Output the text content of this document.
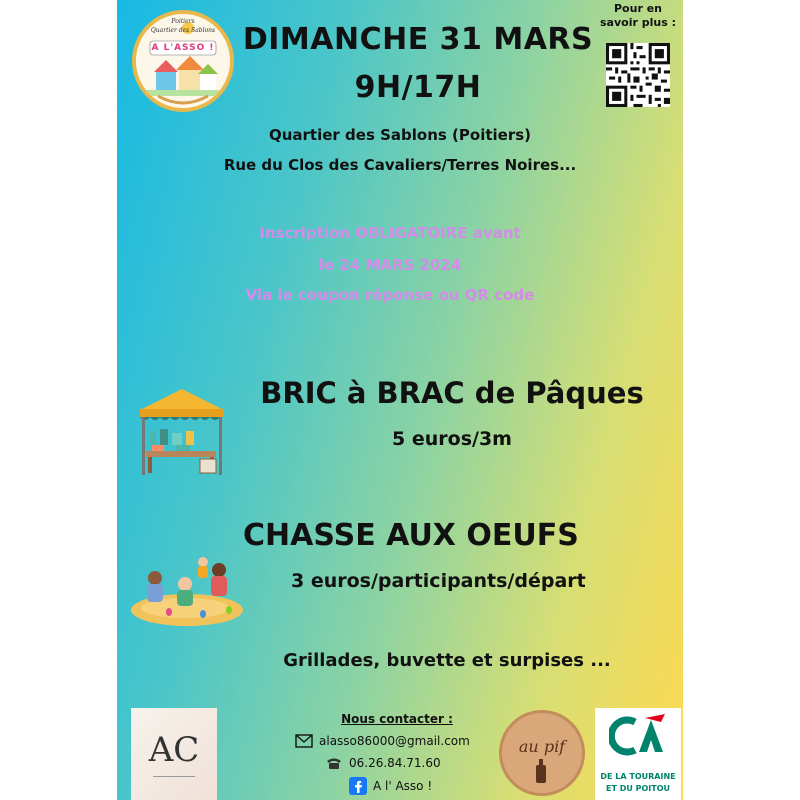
Poitiers
Quartier des Sablons
A L'ASSO ! DIMANCHE 31 MARS
9H/17H
Pour en
savoir plus :
Quartier des Sablons (Poitiers)
Rue du Clos des Cavaliers/Terres Noires...
Inscription OBLIGATOIRE avant
le 24 MARS 2024
Via le coupon réponse ou QR code
BRIC à BRAC de Pâques
5 euros/3m
CHASSE AUX OEUFS
3 euros/participants/départ
Grillades, buvette et surpises ...
AC
Nous contacter :
alasso86000@gmail.com
06.26.84.71.60
A l' Asso !
au pif
DE LA TOURAINE
ET DU POITOU
